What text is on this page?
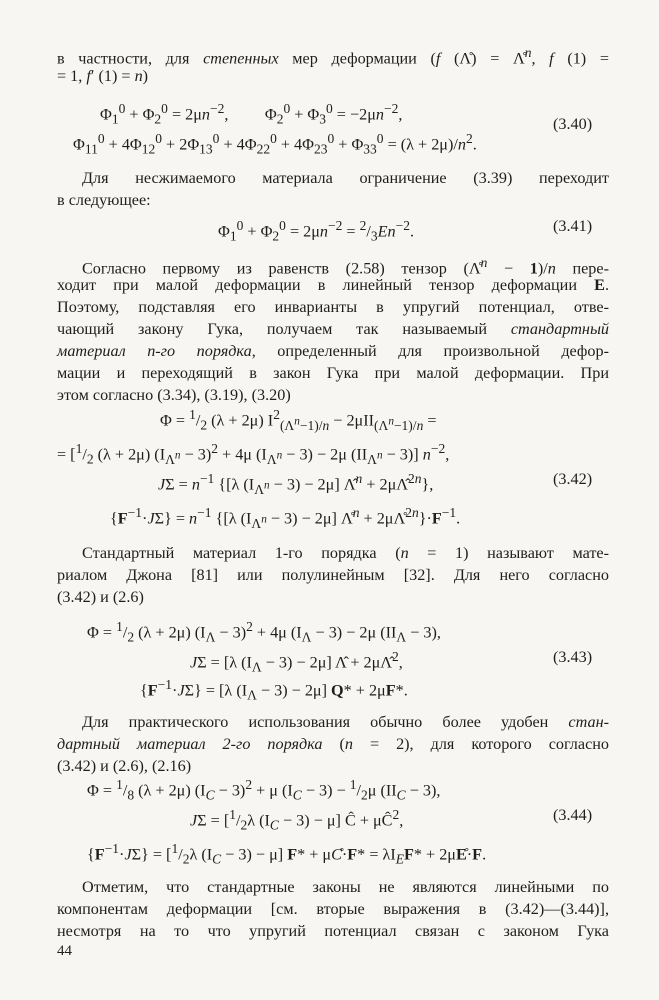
в частности, для степенных мер деформации (f (Λ̊) = Λ̊$^n$, f (1) =
= 1, f′ (1) = n)
$\Phi_1^0 + \Phi_2^0 = 2\mu n^{-2}$,         $\Phi_2^0 + \Phi_3^0 = -2\mu n^{-2}$,
$\Phi_{11}^0 + 4\Phi_{12}^0 + 2\Phi_{13}^0 + 4\Phi_{22}^0 + 4\Phi_{23}^0 + \Phi_{33}^0 = (\lambda + 2\mu)/n^2$.
(3.40)
Для несжимаемого материала ограничение (3.39) переходит
в следующее:
$\Phi_1^0 + \Phi_2^0 = 2\mu n^{-2} = ^2/_3En^{-2}$.	(3.41)
Согласно первому из равенств (2.58) тензор (Λ̊$^n$ − 1)/n пере-
ходит при малой деформации в линейный тензор деформации E.
Поэтому, подставляя его инварианты в упругий потенциал, отве-
чающий закону Гука, получаем так называемый стандартный
материал n-го порядка, определенный для произвольной дефор-
мации и переходящий в закон Гука при малой деформации. При
этом согласно (3.34), (3.19), (3.20)
$\Phi = ^1/_2$ (λ + 2μ) $I^2_{(\Lambda^n-1)/n} - 2\mu II_{(\Lambda^n-1)/n}$ =
= [$^1/_2$ (λ + 2μ) $(I_{\Lambda^n} - 3)^2 + 4\mu$ $(I_{\Lambda^n} - 3) - 2\mu$ $(II_{\Lambda^n} - 3)$] $n^{-2}$,
$J\Sigma = n^{-1}$ {[λ $(I_{\Lambda^n} - 3) - 2\mu$] Λ̂$^n$ + 2μΛ̂$^{2n}$},	(3.42)
$\{F^{-1}\cdot J\Sigma\} = n^{-1}$ {[λ $(I_{\Lambda^n} - 3) - 2\mu$] Λ̊$^n$ + $2\mu\Lambdå^{2n}\}\cdot F^{-1}$.
Стандартный материал 1-го порядка (n = 1) называют мате-
риалом Джона [81] или полулинейным [32]. Для него согласно
(3.42) и (2.6)
$\Phi = ^1/_2$ (λ + 2μ) $(I_\Lambda - 3)^2 + 4\mu$ $(I_\Lambda - 3) - 2\mu$ $(II_\Lambda - 3)$,
JΣ = [λ $(I_\Lambda - 3) - 2\mu$] Λ̂ + 2μΛ̂$^2$,	(3.43)
$\{F^{-1}\cdot J\Sigma\} = [\lambda$ $(I_\Lambda - 3) - 2\mu$] Q* + 2μF*.
Для практического использования обычно более удобен стан-
дартный материал 2-го порядка (n = 2), для которого согласно
(3.42) и (2.6), (2.16)
$\Phi = ^1/_8$ (λ + 2μ) $(I_C - 3)^2 + \mu$ $(I_C - 3) - ^1/_2\mu$ $(II_C - 3)$,
$J\Sigma = [^1/_2\lambda$ $(I_C - 3) - \mu$] Ĉ + $\mu Ĉ^2$,	(3.44)
$\{F^{-1}\cdot J\Sigma\} = [^1/_2\lambda$ $(I_C - 3) - \mu$] F* + μC̊·F* = $\lambda I_EF*$ + 2μE̊·F.
Отметим, что стандартные законы не являются линейными по
компонентам деформации [см. вторые выражения в (3.42)—(3.44)],
несмотря на то что упругий потенциал связан с законом Гука
44
